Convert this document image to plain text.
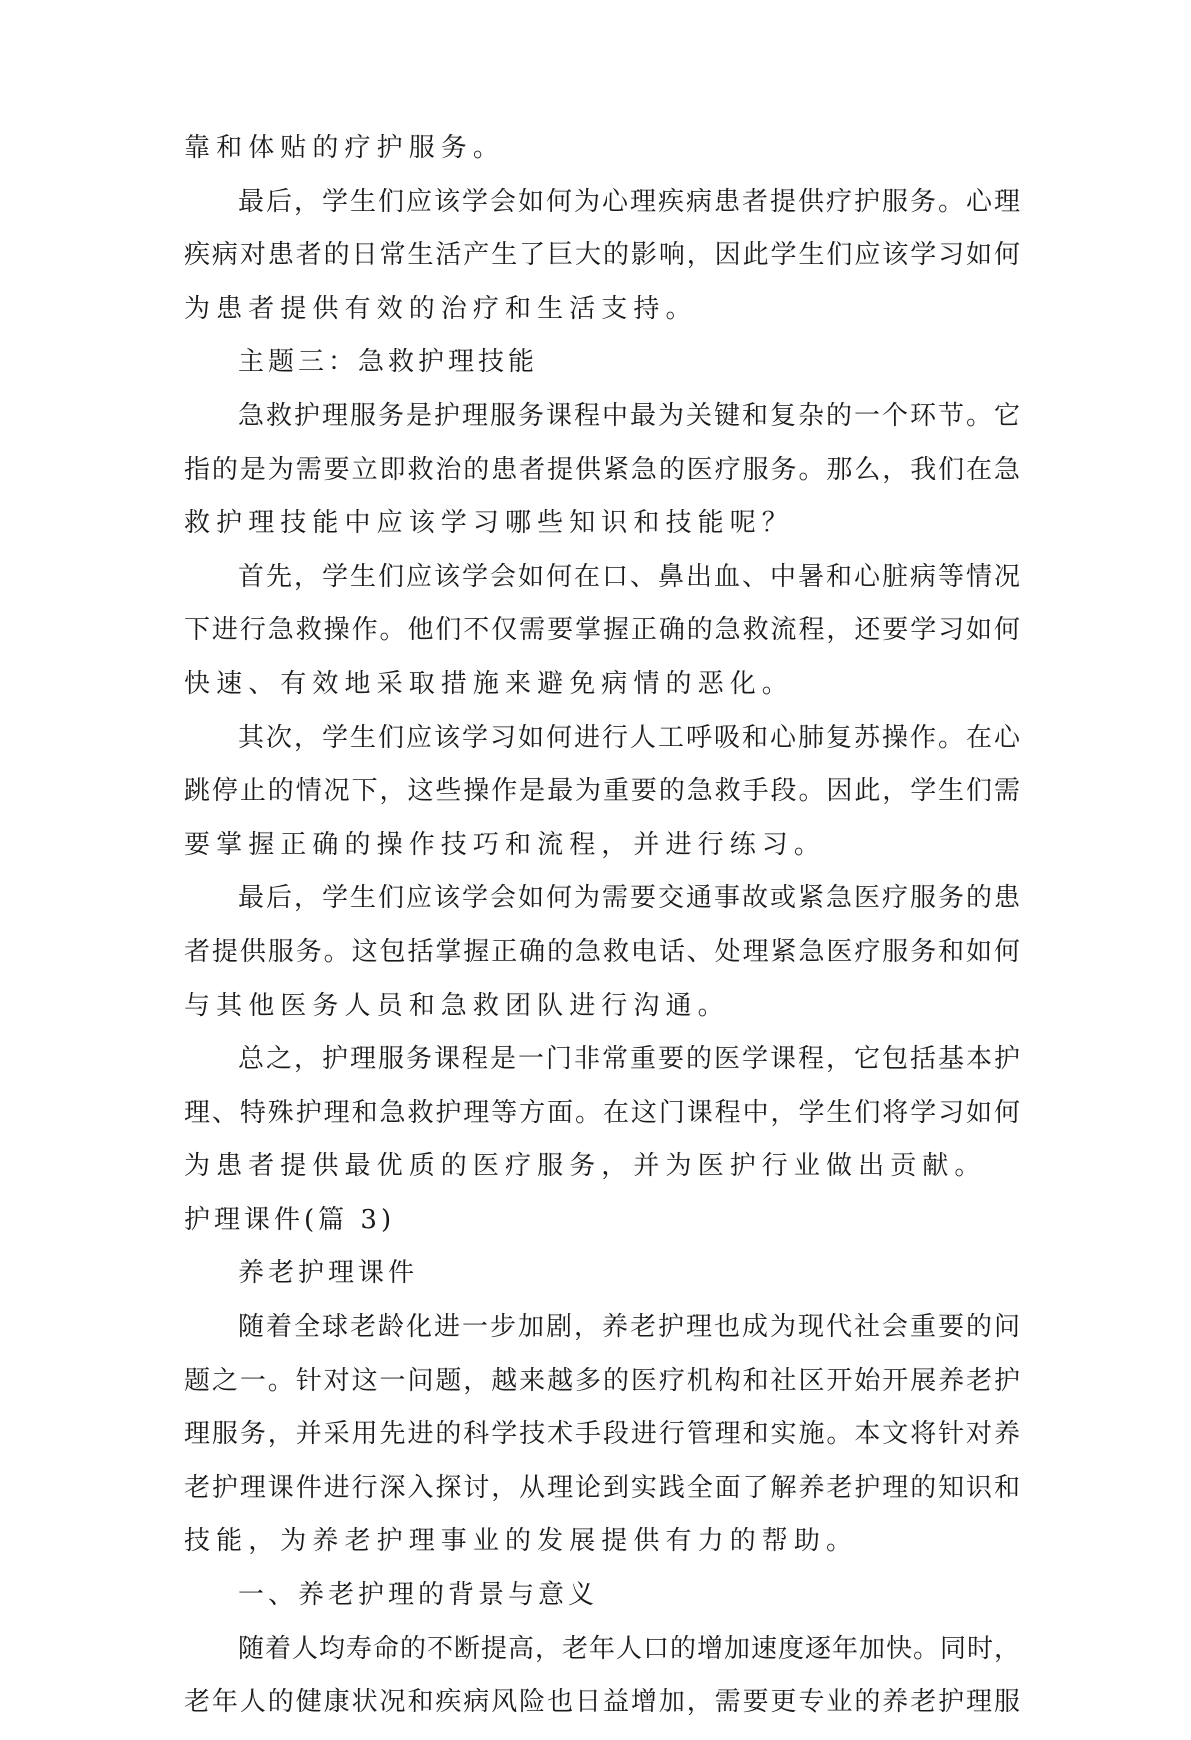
靠和体贴的疗护服务。
最后，学生们应该学会如何为心理疾病患者提供疗护服务。心理
疾病对患者的日常生活产生了巨大的影响，因此学生们应该学习如何
为患者提供有效的治疗和生活支持。
主题三：急救护理技能
急救护理服务是护理服务课程中最为关键和复杂的一个环节。它
指的是为需要立即救治的患者提供紧急的医疗服务。那么，我们在急
救护理技能中应该学习哪些知识和技能呢？
首先，学生们应该学会如何在口、鼻出血、中暑和心脏病等情况
下进行急救操作。他们不仅需要掌握正确的急救流程，还要学习如何
快速、有效地采取措施来避免病情的恶化。
其次，学生们应该学习如何进行人工呼吸和心肺复苏操作。在心
跳停止的情况下，这些操作是最为重要的急救手段。因此，学生们需
要掌握正确的操作技巧和流程，并进行练习。
最后，学生们应该学会如何为需要交通事故或紧急医疗服务的患
者提供服务。这包括掌握正确的急救电话、处理紧急医疗服务和如何
与其他医务人员和急救团队进行沟通。
总之，护理服务课程是一门非常重要的医学课程，它包括基本护
理、特殊护理和急救护理等方面。在这门课程中，学生们将学习如何
为患者提供最优质的医疗服务，并为医护行业做出贡献。
护理课件(篇 3)
养老护理课件
随着全球老龄化进一步加剧，养老护理也成为现代社会重要的问
题之一。针对这一问题，越来越多的医疗机构和社区开始开展养老护
理服务，并采用先进的科学技术手段进行管理和实施。本文将针对养
老护理课件进行深入探讨，从理论到实践全面了解养老护理的知识和
技能，为养老护理事业的发展提供有力的帮助。
一、养老护理的背景与意义
随着人均寿命的不断提高，老年人口的增加速度逐年加快。同时，
老年人的健康状况和疾病风险也日益增加，需要更专业的养老护理服
